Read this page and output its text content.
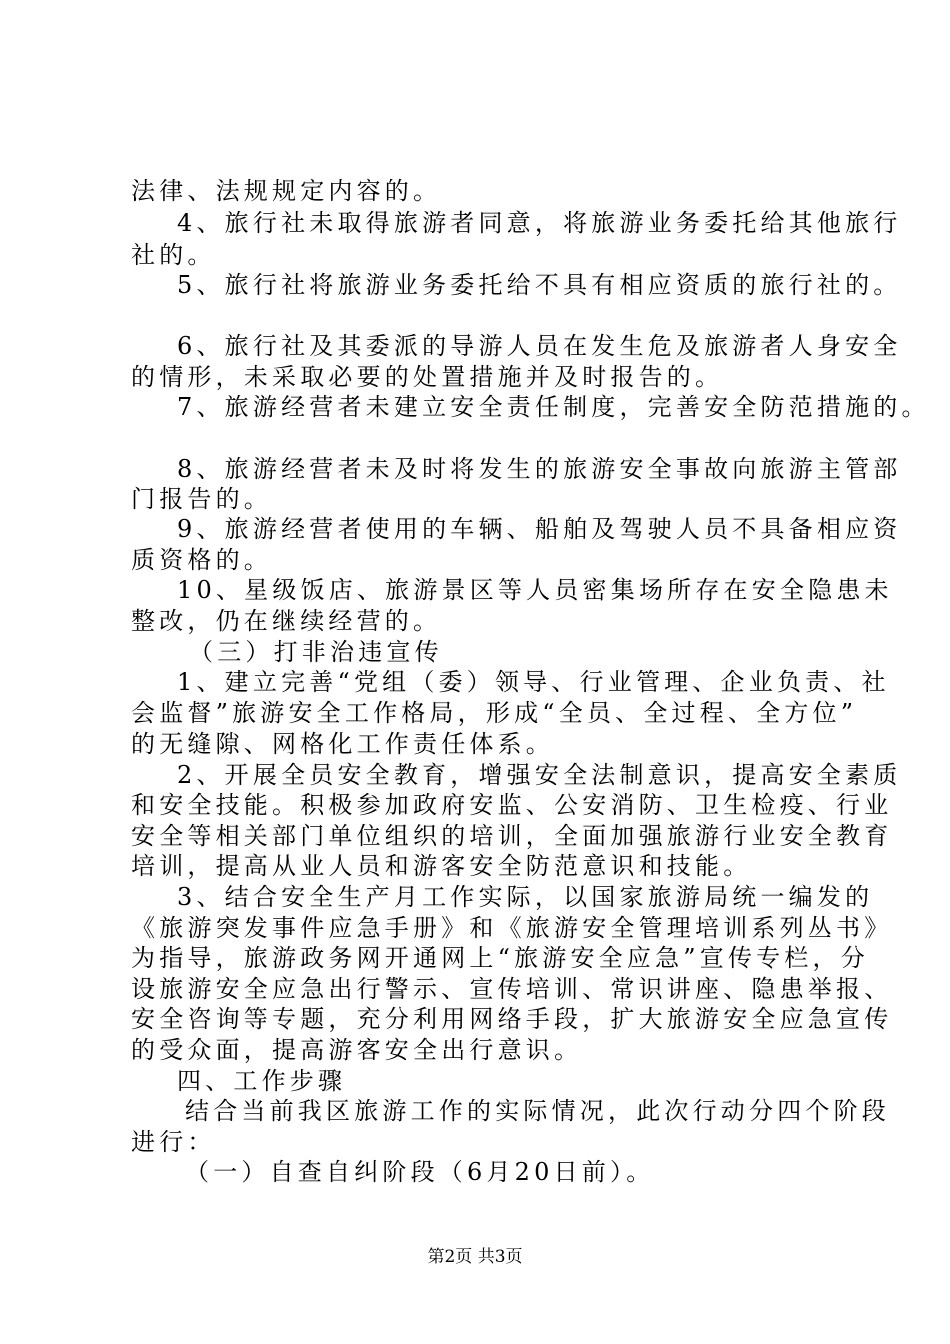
法律、法规规定内容的。
4、旅行社未取得旅游者同意，将旅游业务委托给其他旅行
社的。
5、旅行社将旅游业务委托给不具有相应资质的旅行社的。
6、旅行社及其委派的导游人员在发生危及旅游者人身安全
的情形，未采取必要的处置措施并及时报告的。
7、旅游经营者未建立安全责任制度，完善安全防范措施的。
8、旅游经营者未及时将发生的旅游安全事故向旅游主管部
门报告的。
9、旅游经营者使用的车辆、船舶及驾驶人员不具备相应资
质资格的。
10、星级饭店、旅游景区等人员密集场所存在安全隐患未
整改，仍在继续经营的。
（三）打非治违宣传
1、建立完善“党组（委）领导、行业管理、企业负责、社
会监督”旅游安全工作格局，形成“全员、全过程、全方位”
的无缝隙、网格化工作责任体系。
2、开展全员安全教育，增强安全法制意识，提高安全素质
和安全技能。积极参加政府安监、公安消防、卫生检疫、行业
安全等相关部门单位组织的培训，全面加强旅游行业安全教育
培训，提高从业人员和游客安全防范意识和技能。
3、结合安全生产月工作实际，以国家旅游局统一编发的
《旅游突发事件应急手册》和《旅游安全管理培训系列丛书》
为指导，旅游政务网开通网上“旅游安全应急”宣传专栏，分
设旅游安全应急出行警示、宣传培训、常识讲座、隐患举报、
安全咨询等专题，充分利用网络手段，扩大旅游安全应急宣传
的受众面，提高游客安全出行意识。
四、工作步骤
结合当前我区旅游工作的实际情况，此次行动分四个阶段
进行：
（一）自查自纠阶段（6月20日前）。
第2页 共3页
